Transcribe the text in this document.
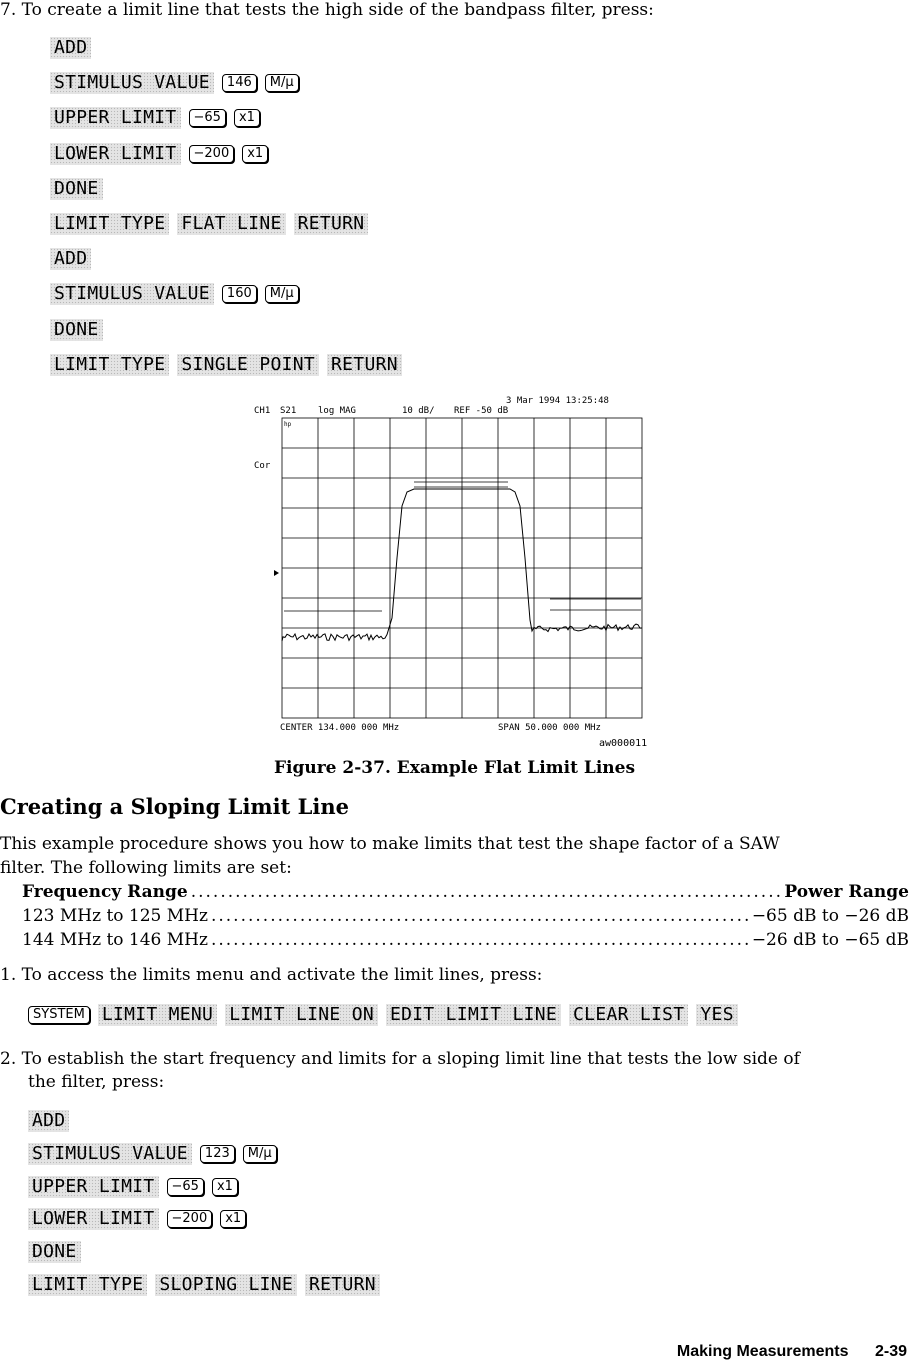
7. To create a limit line that tests the high side of the bandpass filter, press:
ADD
STIMULUS VALUE	146	M/μ
UPPER LIMIT	−65	x1
LOWER LIMIT	−200	x1
DONE
LIMIT TYPE FLAT LINE RETURN
ADD
STIMULUS VALUE	160	M/μ
DONE
LIMIT TYPE SINGLE POINT RETURN
3 Mar 1994 13:25:48
CH1 S21 log MAG	10 dB/ REF -50 dB
hp
Cor
CENTER 134.000 000 MHz	SPAN 50.000 000 MHz
aw000011
Figure 2-37. Example Flat Limit Lines
Creating a Sloping Limit Line
This example procedure shows you how to make limits that test the shape factor of a SAW
filter. The following limits are set:
Frequency Range .....	Power Range
123 MHz to 125 MHz .....	−65 dB to −26 dB
144 MHz to 146 MHz .....	−26 dB to −65 dB
1. To access the limits menu and activate the limit lines, press:
SYSTEM LIMIT MENU LIMIT LINE ON EDIT LIMIT LINE CLEAR LIST YES
2. To establish the start frequency and limits for a sloping limit line that tests the low side of
the filter, press:
ADD
STIMULUS VALUE	123	M/μ
UPPER LIMIT	−65	x1
LOWER LIMIT	−200	x1
DONE
LIMIT TYPE SLOPING LINE RETURN
Making Measurements 2-39
